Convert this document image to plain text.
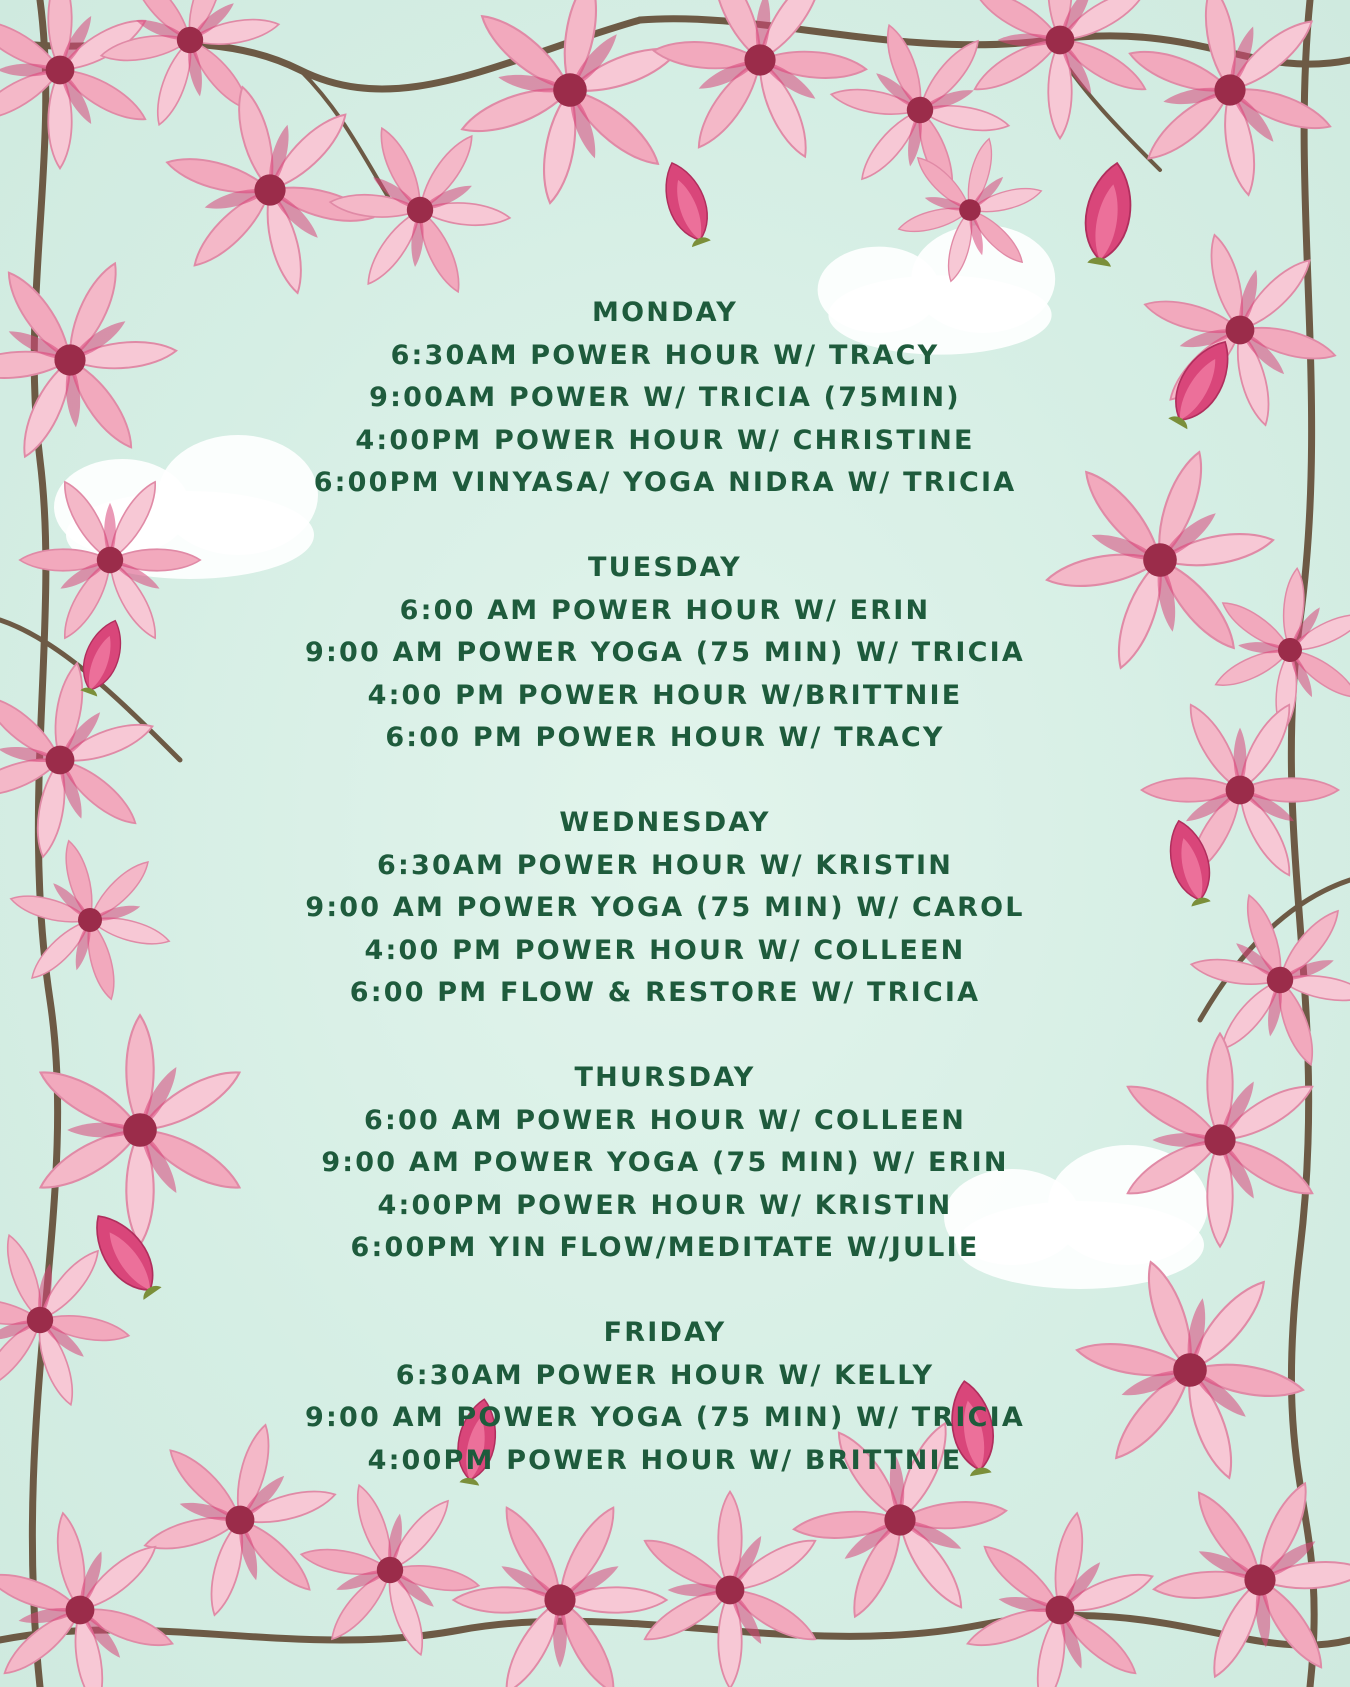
MONDAY
6:30AM POWER HOUR W/ TRACY
9:00AM POWER W/ TRICIA (75MIN)
4:00PM POWER HOUR W/ CHRISTINE
6:00PM VINYASA/ YOGA NIDRA W/ TRICIA
TUESDAY
6:00 AM POWER HOUR W/ ERIN
9:00 AM POWER YOGA (75 MIN) W/ TRICIA
4:00 PM POWER HOUR W/BRITTNIE
6:00 PM POWER HOUR W/ TRACY
WEDNESDAY
6:30AM POWER HOUR W/ KRISTIN
9:00 AM POWER YOGA (75 MIN) W/ CAROL
4:00 PM POWER HOUR W/ COLLEEN
6:00 PM FLOW & RESTORE W/ TRICIA
THURSDAY
6:00 AM POWER HOUR W/ COLLEEN
9:00 AM POWER YOGA (75 MIN) W/ ERIN
4:00PM POWER HOUR W/ KRISTIN
6:00PM YIN FLOW/MEDITATE W/JULIE
FRIDAY
6:30AM POWER HOUR W/ KELLY
9:00 AM POWER YOGA (75 MIN) W/ TRICIA
4:00PM POWER HOUR W/ BRITTNIE
